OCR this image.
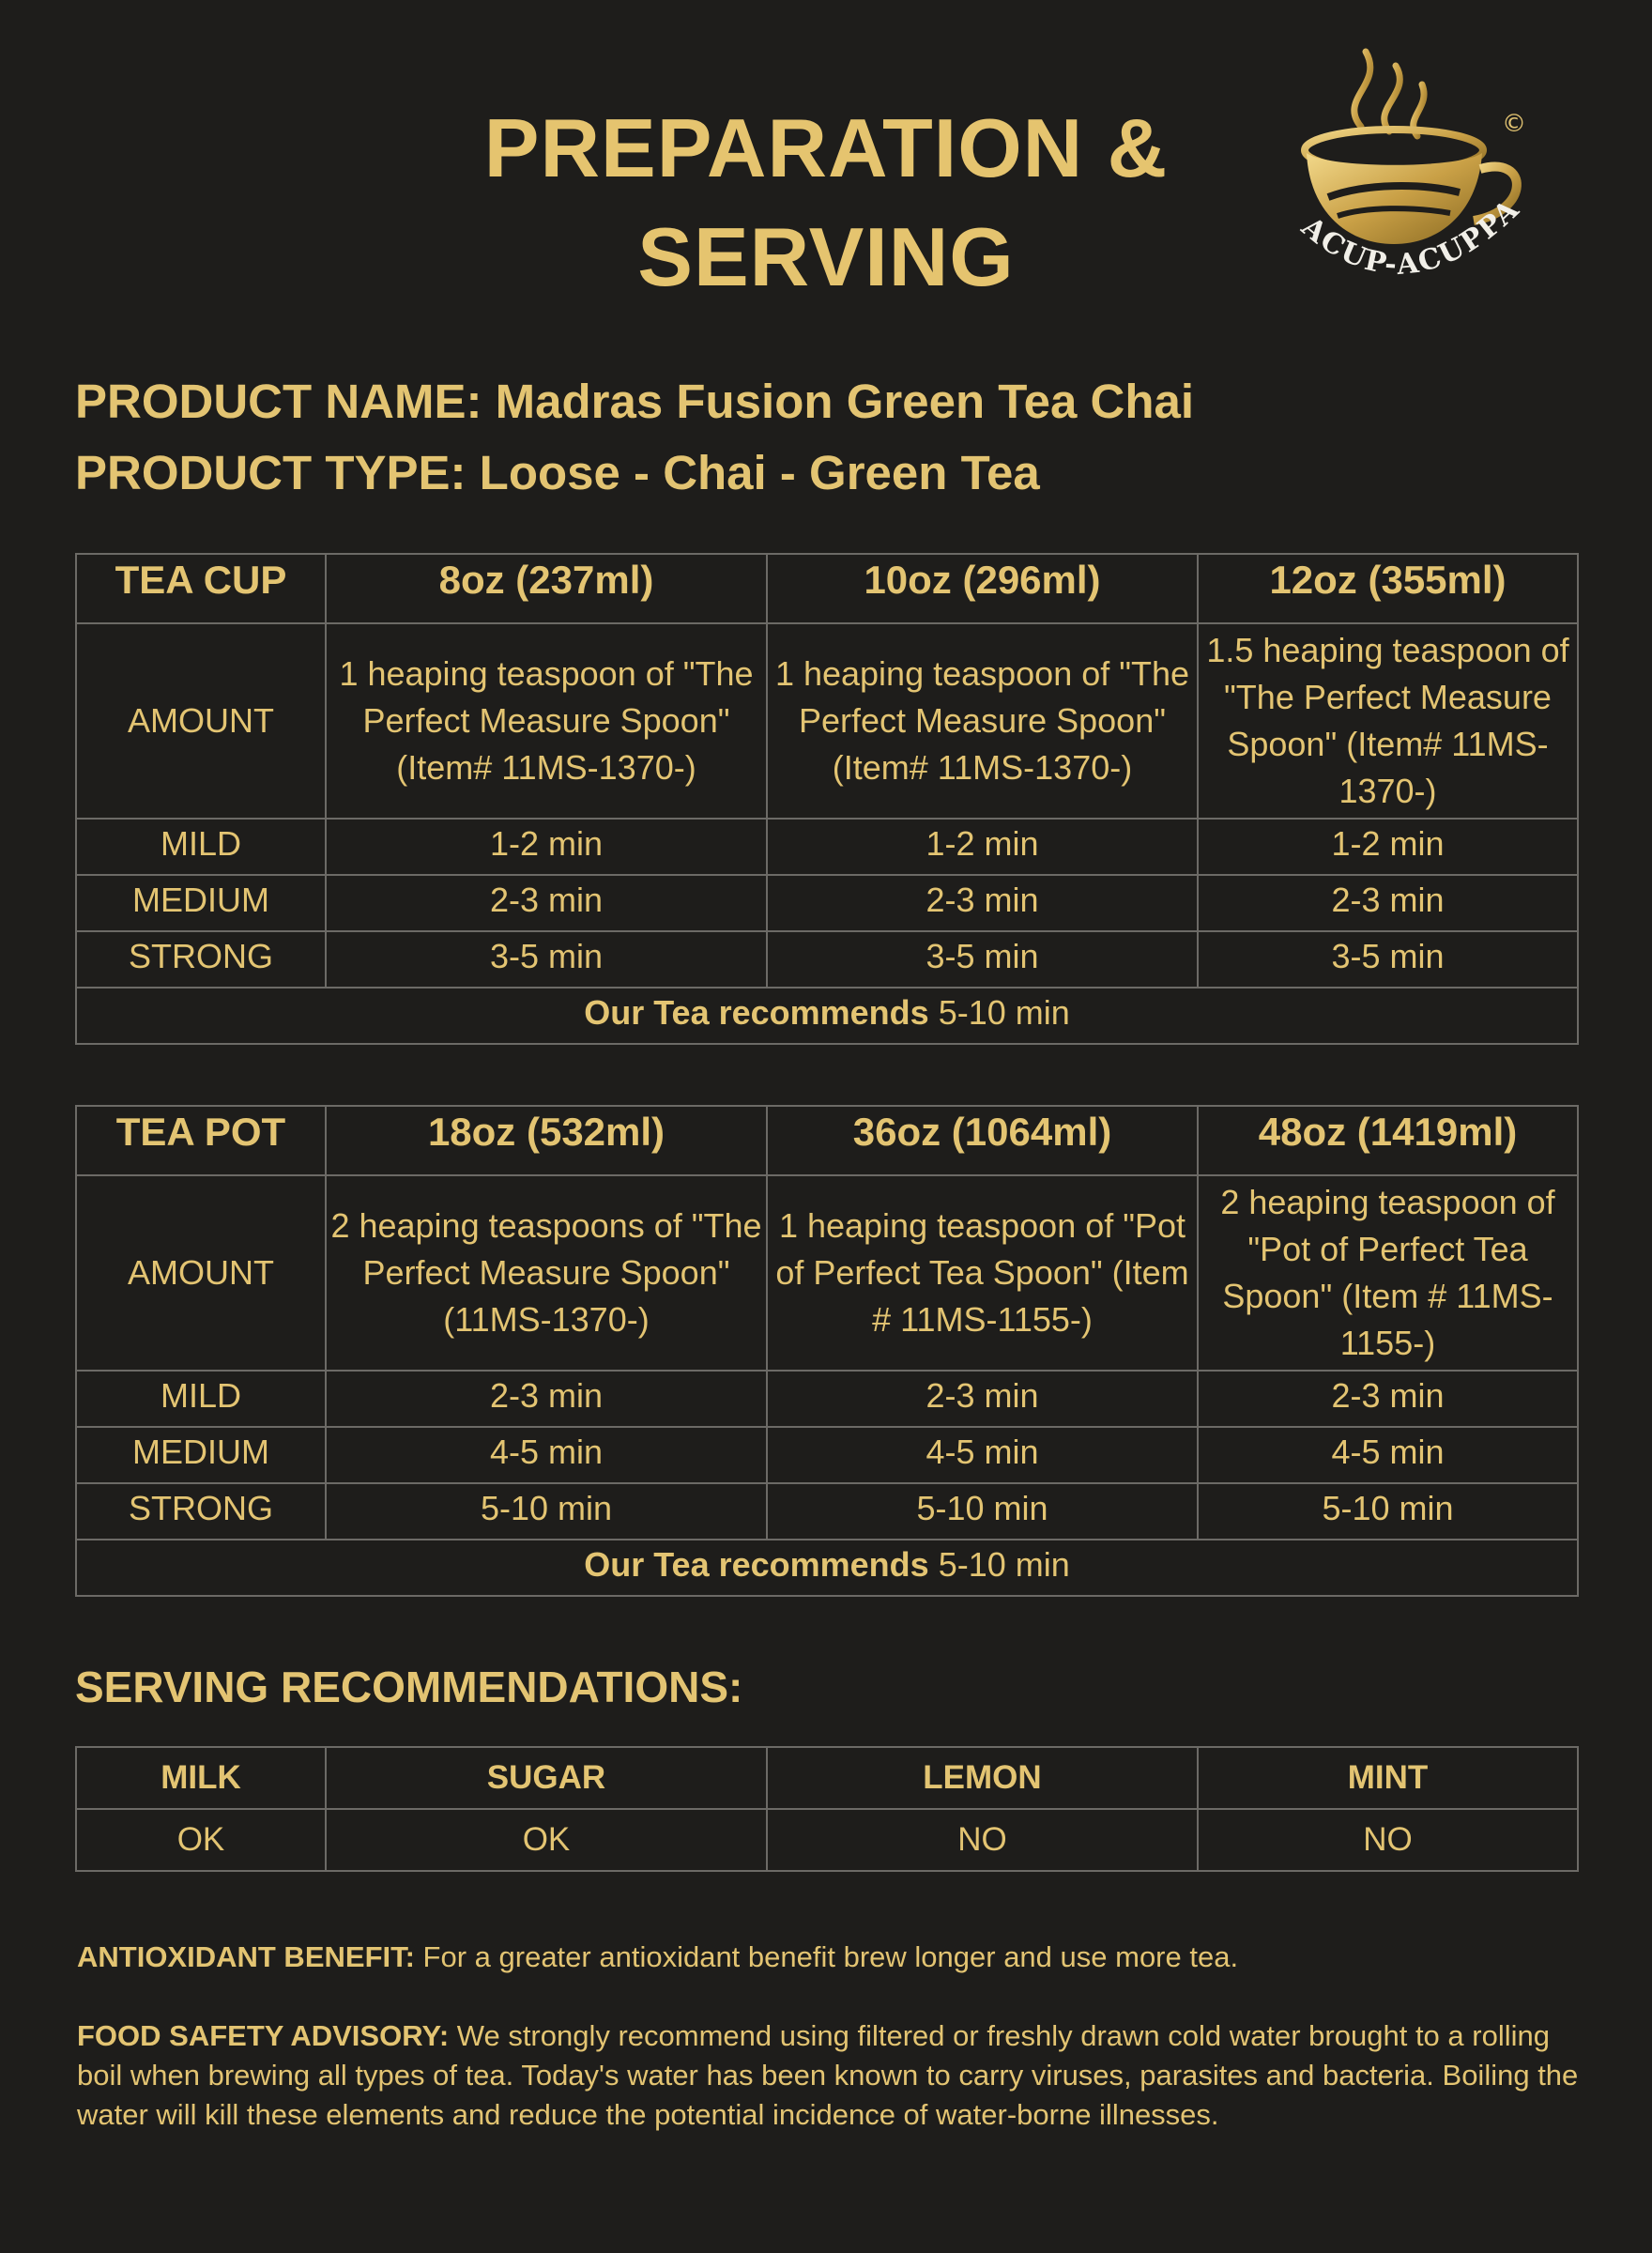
PREPARATION &
SERVING
©
ACUP-ACUPPA
PRODUCT NAME: Madras Fusion Green Tea Chai
PRODUCT TYPE: Loose - Chai - Green Tea
TEA CUP	8oz (237ml)	10oz (296ml)	12oz (355ml)
AMOUNT	1 heaping teaspoon of "The Perfect Measure Spoon" (Item# 11MS-1370-)	1 heaping teaspoon of "The Perfect Measure Spoon" (Item# 11MS-1370-)	1.5 heaping teaspoon of "The Perfect Measure Spoon" (Item# 11MS-1370-)
MILD	1-2 min	1-2 min	1-2 min
MEDIUM	2-3 min	2-3 min	2-3 min
STRONG	3-5 min	3-5 min	3-5 min
Our Tea recommends 5-10 min			
TEA POT	18oz (532ml)	36oz (1064ml)	48oz (1419ml)
AMOUNT	2 heaping teaspoons of "The Perfect Measure Spoon" (11MS-1370-)	1 heaping teaspoon of "Pot of Perfect Tea Spoon" (Item # 11MS-1155-)	2 heaping teaspoon of "Pot of Perfect Tea Spoon" (Item # 11MS-1155-)
MILD	2-3 min	2-3 min	2-3 min
MEDIUM	4-5 min	4-5 min	4-5 min
STRONG	5-10 min	5-10 min	5-10 min
Our Tea recommends 5-10 min			
SERVING RECOMMENDATIONS:
MILK	SUGAR	LEMON	MINT
OK	OK	NO	NO
ANTIOXIDANT BENEFIT: For a greater antioxidant benefit brew longer and use more tea.
FOOD SAFETY ADVISORY: We strongly recommend using filtered or freshly drawn cold water brought to a rolling boil when brewing all types of tea. Today's water has been known to carry viruses, parasites and bacteria. Boiling the water will kill these elements and reduce the potential incidence of water-borne illnesses.
